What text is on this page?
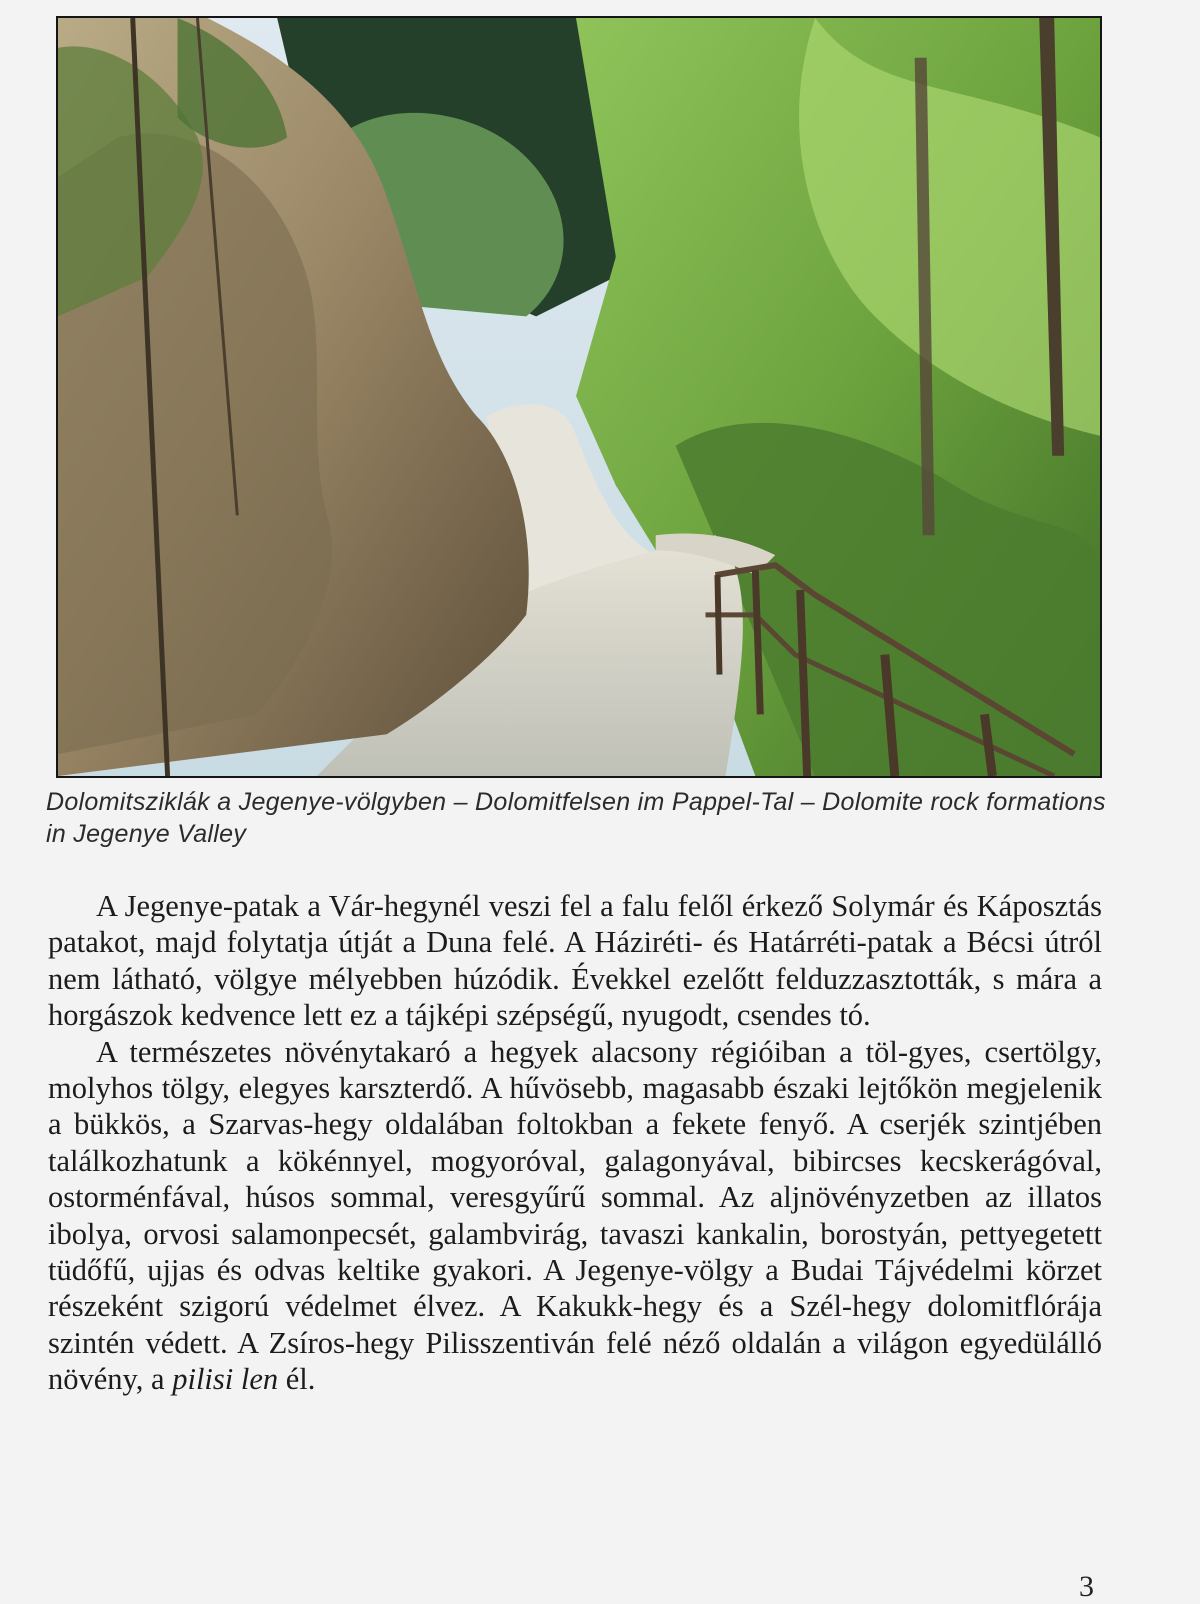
Dolomitsziklák a Jegenye-völgyben – Dolomitfelsen im Pappel-Tal – Dolomite rock formations in Jegenye Valley

A Jegenye-patak a Vár-hegynél veszi fel a falu felől érkező Solymár és Káposztás patakot, majd folytatja útját a Duna felé. A Háziréti- és Határréti-patak a Bécsi útról nem látható, völgye mélyebben húzódik. Évekkel ezelőtt felduzzasztották, s mára a horgászok kedvence lett ez a tájképi szépségű, nyugodt, csendes tó.

A természetes növénytakaró a hegyek alacsony régióiban a töl-gyes, csertölgy, molyhos tölgy, elegyes karszterdő. A hűvösebb, magasabb északi lejtőkön megjelenik a bükkös, a Szarvas-hegy oldalában foltokban a fekete fenyő. A cserjék szintjében találkozhatunk a kökénnyel, mogyoróval, galagonyával, bibircses kecskerágóval, ostorménfával, húsos sommal, veresgyűrű sommal. Az aljnövényzetben az illatos ibolya, orvosi salamonpecsét, galambvirág, tavaszi kankalin, borostyán, pettyegetett tüdőfű, ujjas és odvas keltike gyakori. A Jegenye-völgy a Budai Tájvédelmi körzet részeként szigorú védelmet élvez. A Kakukk-hegy és a Szél-hegy dolomitflórája szintén védett. A Zsíros-hegy Pilisszentiván felé néző oldalán a világon egyedülálló növény, a pilisi len él.

3
